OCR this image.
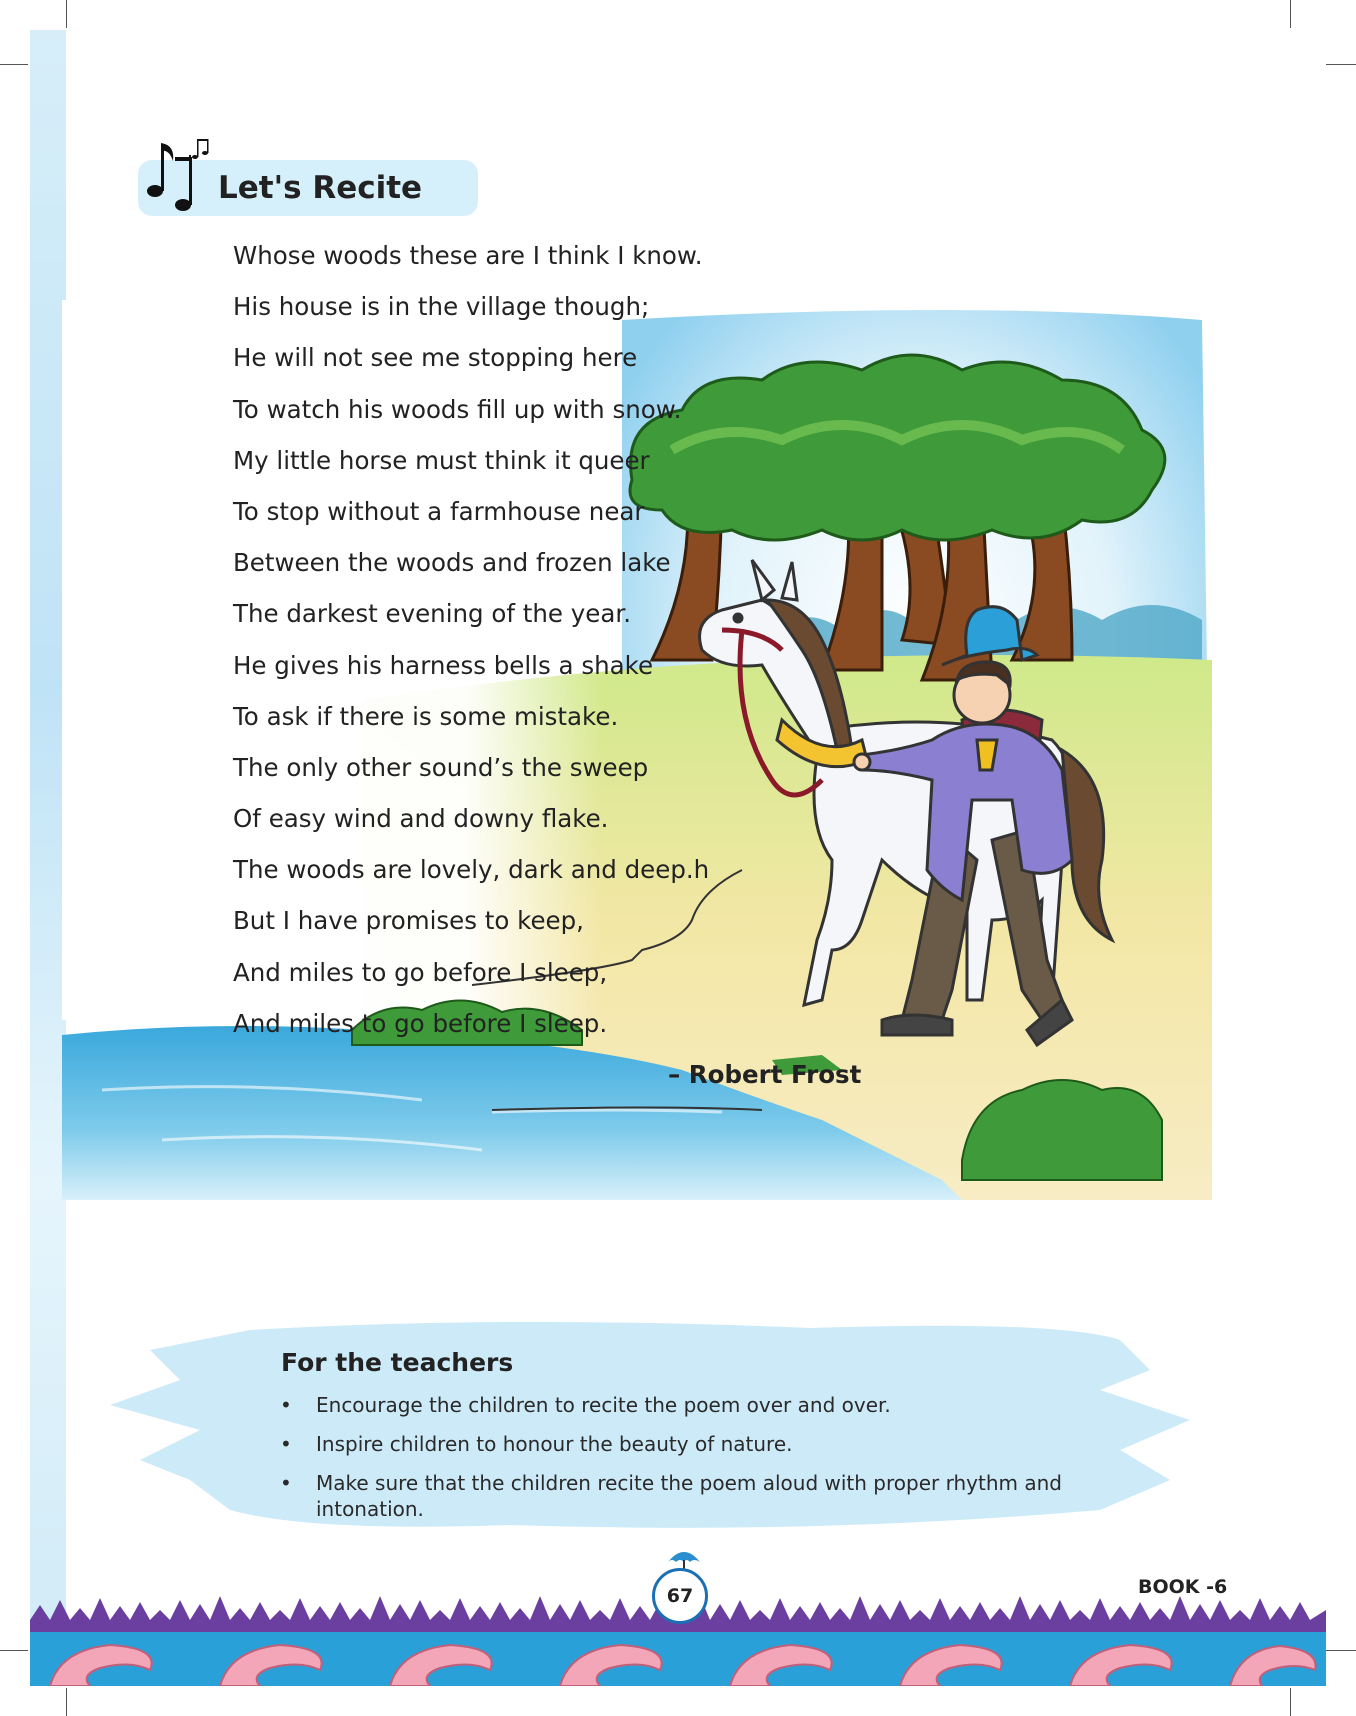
Let's Recite
Whose woods these are I think I know.
His house is in the village though;
He will not see me stopping here
To watch his woods fill up with snow.
My little horse must think it queer
To stop without a farmhouse near
Between the woods and frozen lake
The darkest evening of the year.
He gives his harness bells a shake
To ask if there is some mistake.
The only other sound’s the sweep
Of easy wind and downy flake.
The woods are lovely, dark and deep.h
But I have promises to keep,
And miles to go before I sleep,
And miles to go before I sleep.
– Robert Frost
For the teachers
• Encourage the children to recite the poem over and over.
• Inspire children to honour the beauty of nature.
• Make sure that the children recite the poem aloud with proper rhythm and intonation.
67	BOOK -6
